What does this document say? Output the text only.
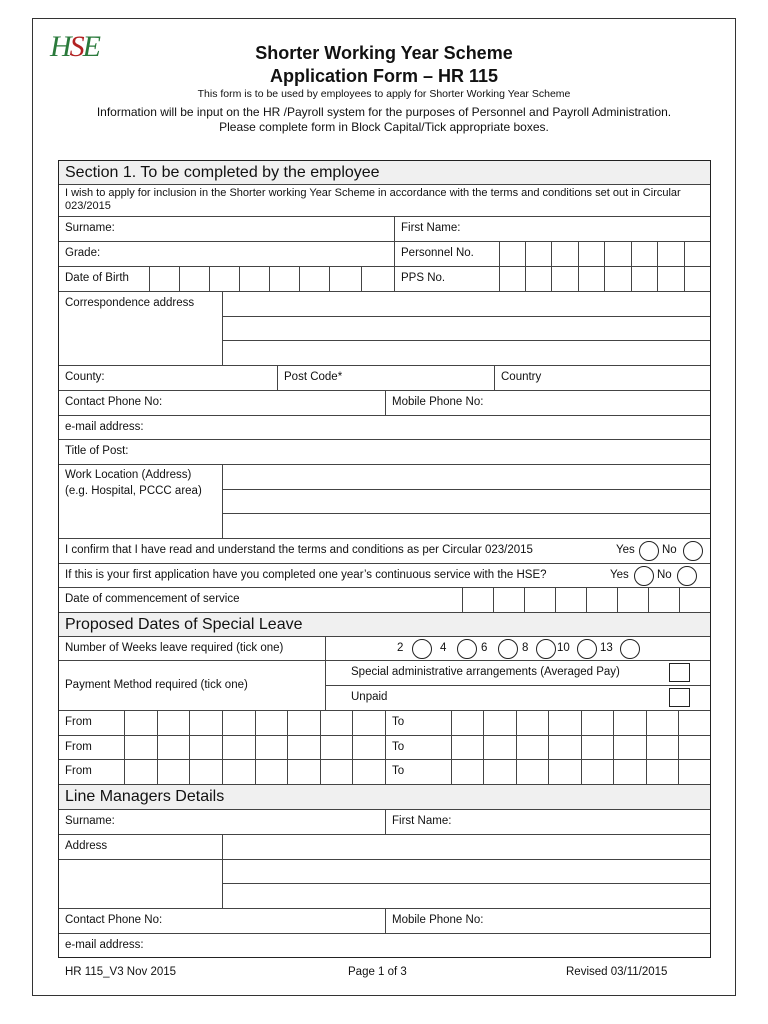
HSE	Shorter Working Year Scheme
Application Form – HR 115
This form is to be used by employees to apply for Shorter Working Year Scheme
Information will be input on the HR /Payroll system for the purposes of Personnel and Payroll Administration.
Please complete form in Block Capital/Tick appropriate boxes.
Section 1. To be completed by the employee
I wish to apply for inclusion in the Shorter working Year Scheme in accordance with the terms and conditions set out in Circular 023/2015
Surname:	First Name:
Grade:	Personnel No.
Date of Birth	PPS No.
Correspondence address
County:	Post Code*	Country
Contact Phone No:	Mobile Phone No:
e-mail address:
Title of Post:
Work Location (Address)
(e.g. Hospital, PCCC area)
I confirm that I have read and understand the terms and conditions as per Circular 023/2015	Yes No
If this is your first application have you completed one year’s continuous service with the HSE?	Yes No
Date of commencement of service
Proposed Dates of Special Leave
Number of Weeks leave required (tick one)	2	4	6	8 10	13
Payment Method required (tick one)
Special administrative arrangements (Averaged Pay)
Unpaid
From	To
From	To
From	To
Line Managers Details
Surname:	First Name:
Address
Contact Phone No:	Mobile Phone No:
e-mail address:
HR 115_V3 Nov 2015	Page 1 of 3	Revised 03/11/2015
